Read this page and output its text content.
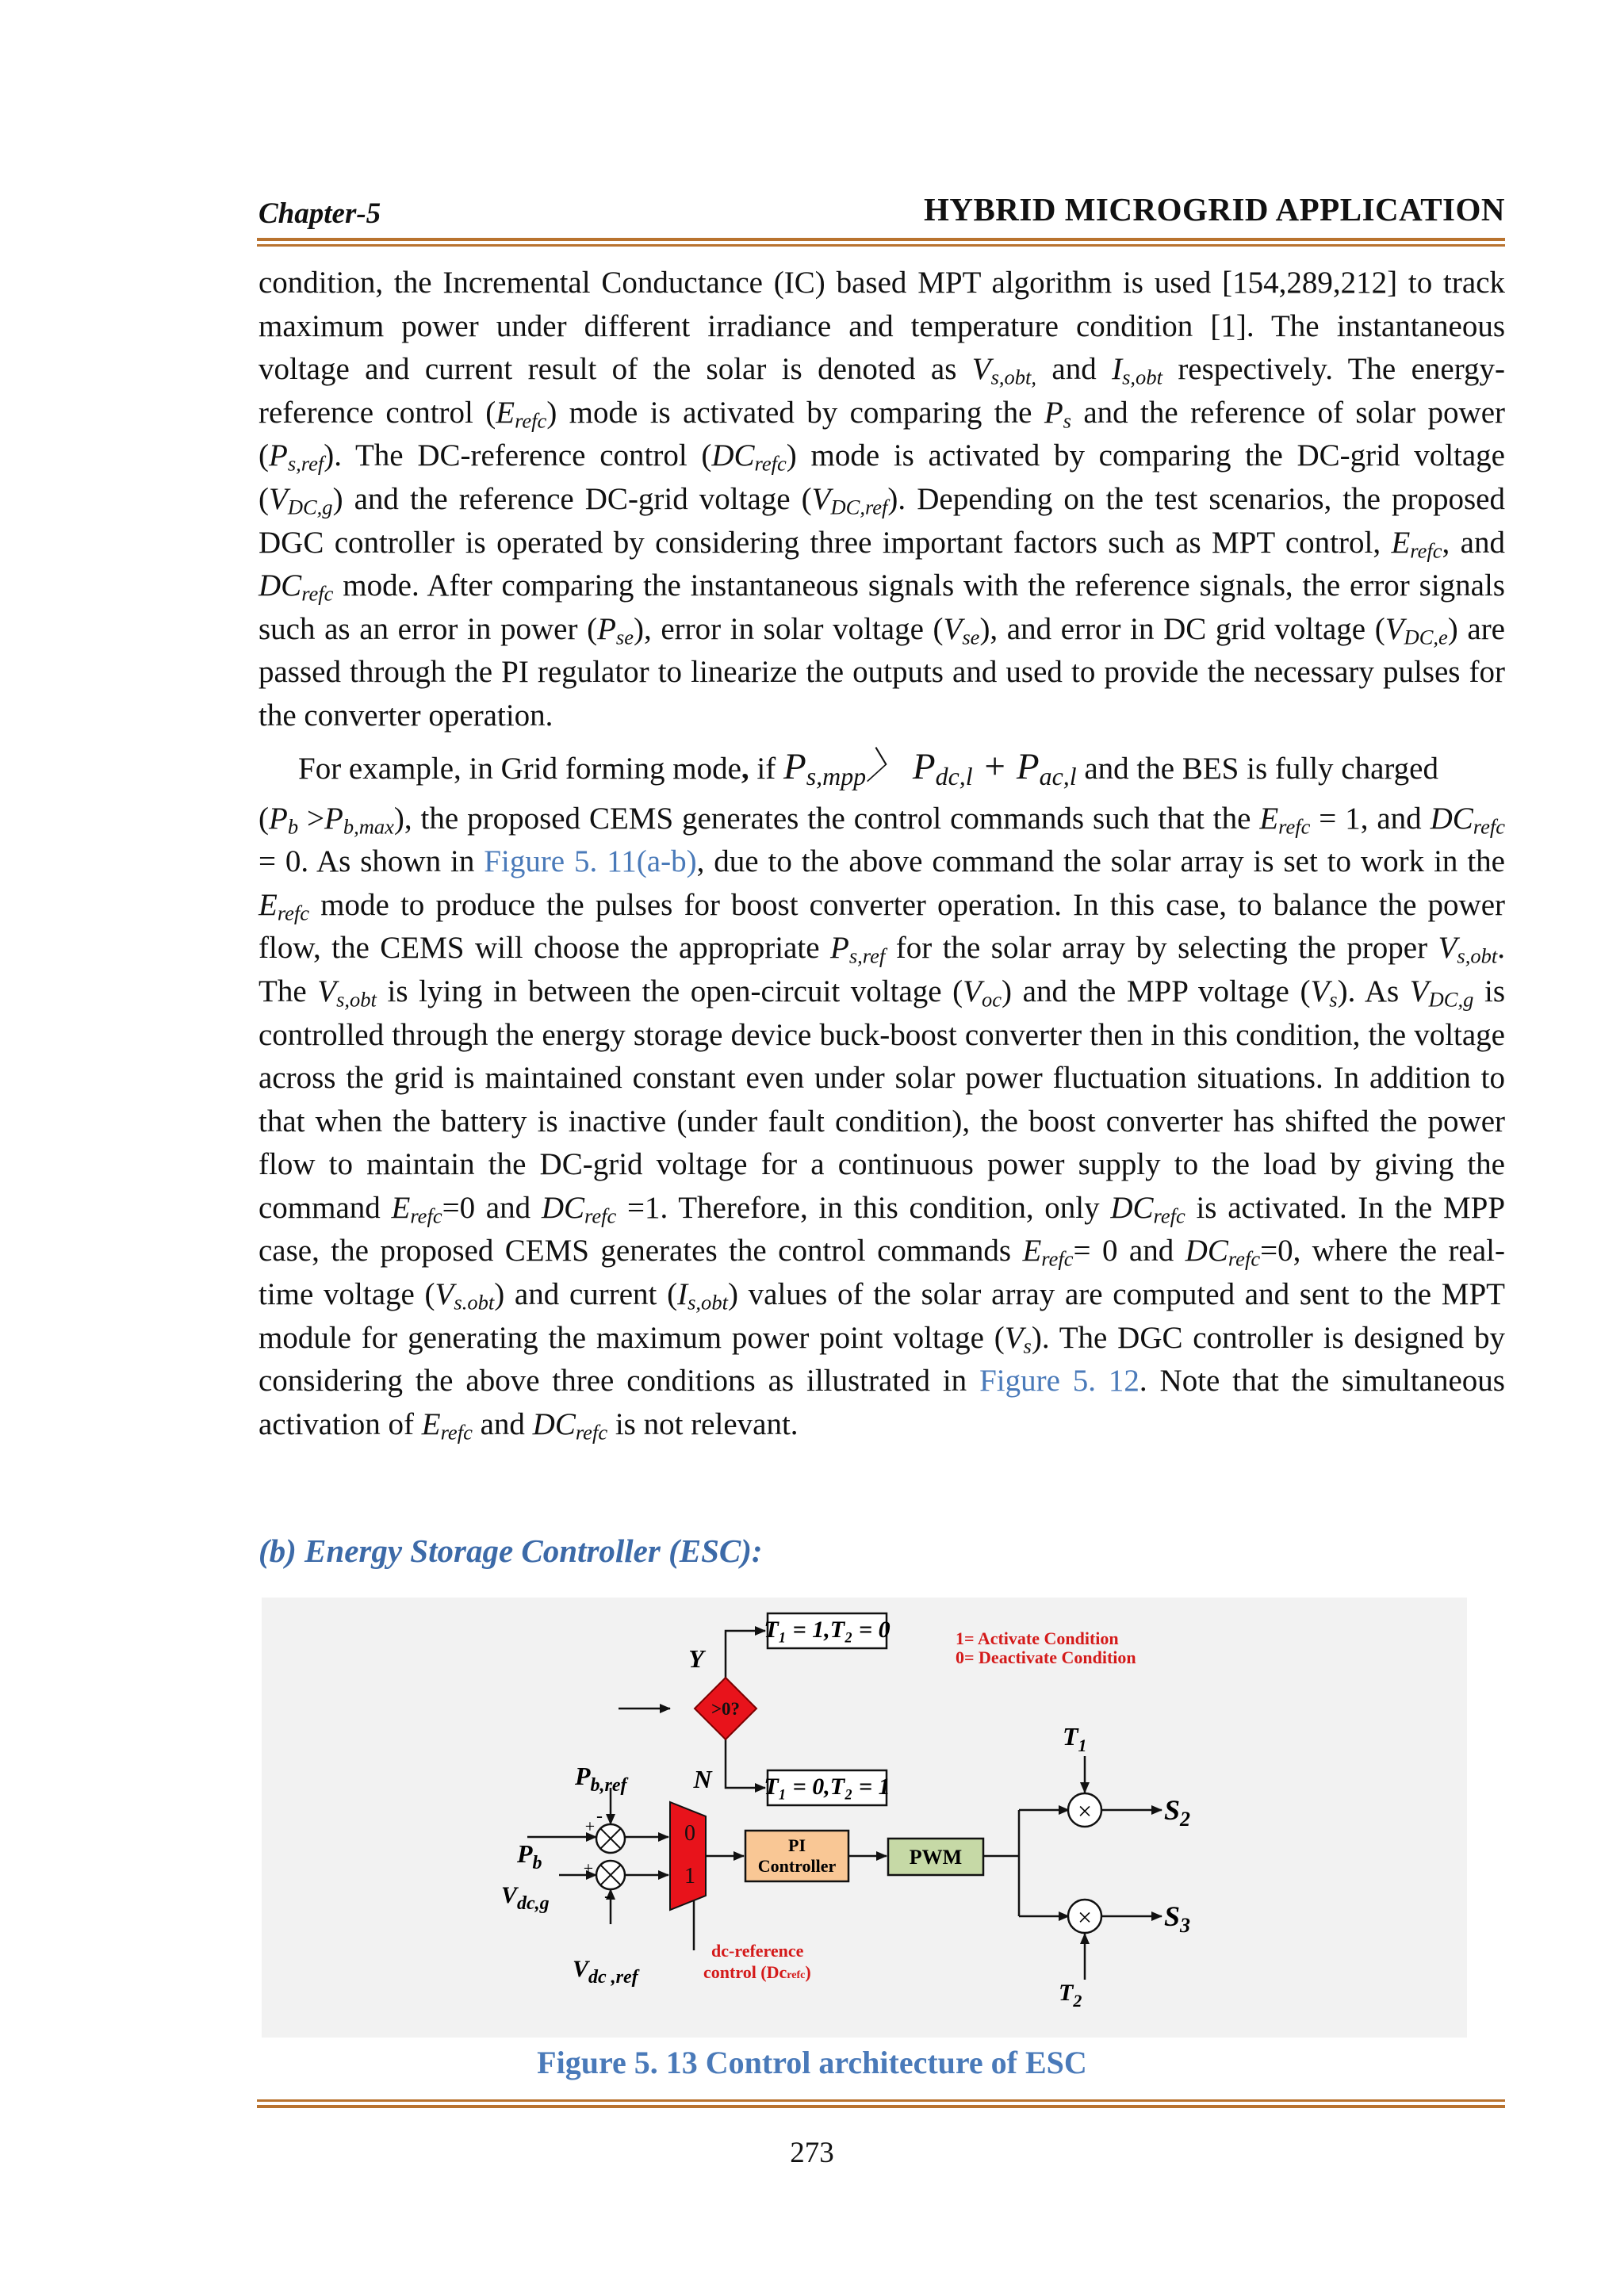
Chapter-5	HYBRID MICROGRID APPLICATION

condition, the Incremental Conductance (IC) based MPT algorithm is used [154,289,212] to track maximum power under different irradiance and temperature condition [1]. The instantaneous voltage and current result of the solar is denoted as $V_{s,obt,}$ and $I_{s,obt}$ respectively. The energy-reference control $(E_{refc})$ mode is activated by comparing the $P_s$ and the reference of solar power $(P_{s,ref})$. The DC-reference control $(DC_{refc})$ mode is activated by comparing the DC-grid voltage $(V_{DC,g})$ and the reference DC-grid voltage $(V_{DC,ref})$. Depending on the test scenarios, the proposed DGC controller is operated by considering three important factors such as MPT control, $E_{refc}$, and $DC_{refc}$ mode. After comparing the instantaneous signals with the reference signals, the error signals such as an error in power $(P_{se})$, error in solar voltage $(V_{se})$, and error in DC grid voltage $(V_{DC,e})$ are passed through the PI regulator to linearize the outputs and used to provide the necessary pulses for the converter operation.

For example, in Grid forming mode, if $P_{s,mpp}〉$ $P_{dc,l} + P_{ac,l}$ and the BES is fully charged

$(P_b >P_{b,max})$, the proposed CEMS generates the control commands such that the $E_{refc} = 1$, and $DC_{refc} = 0$. As shown in Figure 5. 11(a-b), due to the above command the solar array is set to work in the $E_{refc}$ mode to produce the pulses for boost converter operation. In this case, to balance the power flow, the CEMS will choose the appropriate $P_{s,ref}$ for the solar array by selecting the proper $V_{s,obt}$. The $V_{s,obt}$ is lying in between the open-circuit voltage $(V_{oc})$ and the MPP voltage $(V_s)$. As $V_{DC,g}$ is controlled through the energy storage device buck-boost converter then in this condition, the voltage across the grid is maintained constant even under solar power fluctuation situations. In addition to that when the battery is inactive (under fault condition), the boost converter has shifted the power flow to maintain the DC-grid voltage for a continuous power supply to the load by giving the command $E_{refc}=0$ and $DC_{refc} =1$. Therefore, in this condition, only $DC_{refc}$ is activated. In the MPP case, the proposed CEMS generates the control commands $E_{refc}= 0$ and $DC_{refc}=0$, where the real-time voltage $(V_{s.obt})$ and current $(I_{s,obt})$ values of the solar array are computed and sent to the MPT module for generating the maximum power point voltage $(V_s)$. The DGC controller is designed by considering the above three conditions as illustrated in Figure 5. 12. Note that the simultaneous activation of $E_{refc}$ and $DC_{refc}$ is not relevant.

(b) Energy Storage Controller (ESC):
T₁ = 1,T₂ = 0
T₁ = 0,T₂ = 1
>0?
Y
N
1= Activate Condition
0= Deactivate Condition
-
+
+
-
$P_{b,ref}$
$P_b$
$V_{dc,g}$
$V_{dc ,ref}$
0
1
dc-reference
control (Dcrefc)
PI
Controller	PWM
×
×
$T_1$
$T_2$
$S_2$
$S_3$
Figure 5. 13 Control architecture of ESC
273
